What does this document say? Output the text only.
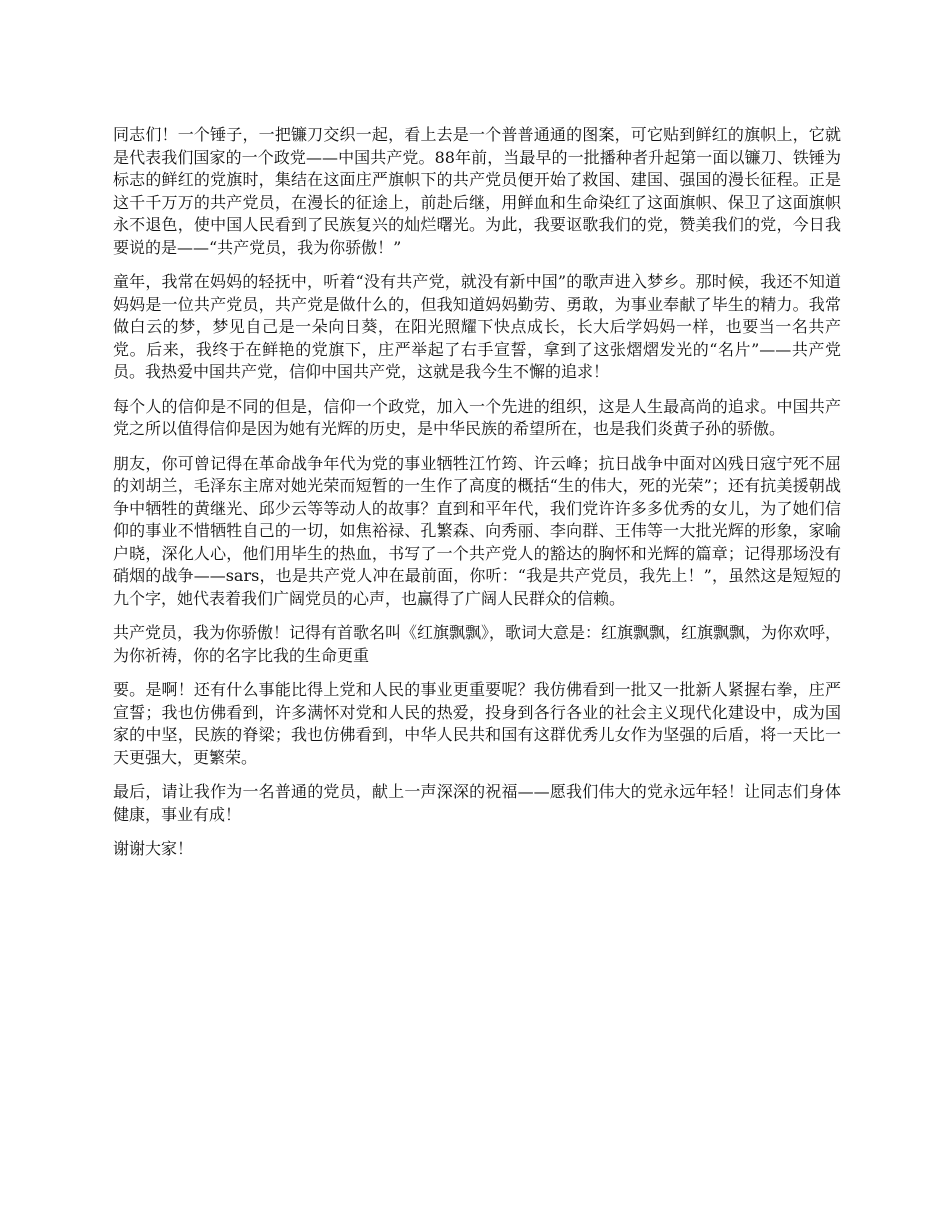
同志们！一个锤子，一把镰刀交织一起，看上去是一个普普通通的图案，可它贴到鲜红的旗帜上，它就是代表我们国家的一个政党——中国共产党。88年前，当最早的一批播种者升起第一面以镰刀、铁锤为标志的鲜红的党旗时，集结在这面庄严旗帜下的共产党员便开始了救国、建国、强国的漫长征程。正是这千千万万的共产党员，在漫长的征途上，前赴后继，用鲜血和生命染红了这面旗帜、保卫了这面旗帜永不退色，使中国人民看到了民族复兴的灿烂曙光。为此，我要讴歌我们的党，赞美我们的党，今日我要说的是——“共产党员，我为你骄傲！”

童年，我常在妈妈的轻抚中，听着“没有共产党，就没有新中国”的歌声进入梦乡。那时候，我还不知道妈妈是一位共产党员，共产党是做什么的，但我知道妈妈勤劳、勇敢，为事业奉献了毕生的精力。我常做白云的梦，梦见自己是一朵向日葵，在阳光照耀下快点成长，长大后学妈妈一样，也要当一名共产党。后来，我终于在鲜艳的党旗下，庄严举起了右手宣誓，拿到了这张熠熠发光的“名片”——共产党员。我热爱中国共产党，信仰中国共产党，这就是我今生不懈的追求！

每个人的信仰是不同的但是，信仰一个政党，加入一个先进的组织，这是人生最高尚的追求。中国共产党之所以值得信仰是因为她有光辉的历史，是中华民族的希望所在，也是我们炎黄子孙的骄傲。

朋友，你可曾记得在革命战争年代为党的事业牺牲江竹筠、许云峰；抗日战争中面对凶残日寇宁死不屈的刘胡兰，毛泽东主席对她光荣而短暂的一生作了高度的概括“生的伟大，死的光荣”；还有抗美援朝战争中牺牲的黄继光、邱少云等等动人的故事？直到和平年代，我们党许许多多优秀的女儿，为了她们信仰的事业不惜牺牲自己的一切，如焦裕禄、孔繁森、向秀丽、李向群、王伟等一大批光辉的形象，家喻户晓，深化人心，他们用毕生的热血，书写了一个共产党人的豁达的胸怀和光辉的篇章；记得那场没有硝烟的战争——sars，也是共产党人冲在最前面，你听：“我是共产党员，我先上！”，虽然这是短短的九个字，她代表着我们广阔党员的心声，也赢得了广阔人民群众的信赖。

共产党员，我为你骄傲！记得有首歌名叫《红旗飘飘》，歌词大意是：红旗飘飘，红旗飘飘，为你欢呼，为你祈祷，你的名字比我的生命更重

要。是啊！还有什么事能比得上党和人民的事业更重要呢？我仿佛看到一批又一批新人紧握右拳，庄严宣誓；我也仿佛看到，许多满怀对党和人民的热爱，投身到各行各业的社会主义现代化建设中，成为国家的中坚，民族的脊梁；我也仿佛看到，中华人民共和国有这群优秀儿女作为坚强的后盾，将一天比一天更强大，更繁荣。

最后，请让我作为一名普通的党员，献上一声深深的祝福——愿我们伟大的党永远年轻！让同志们身体健康，事业有成！

谢谢大家！
